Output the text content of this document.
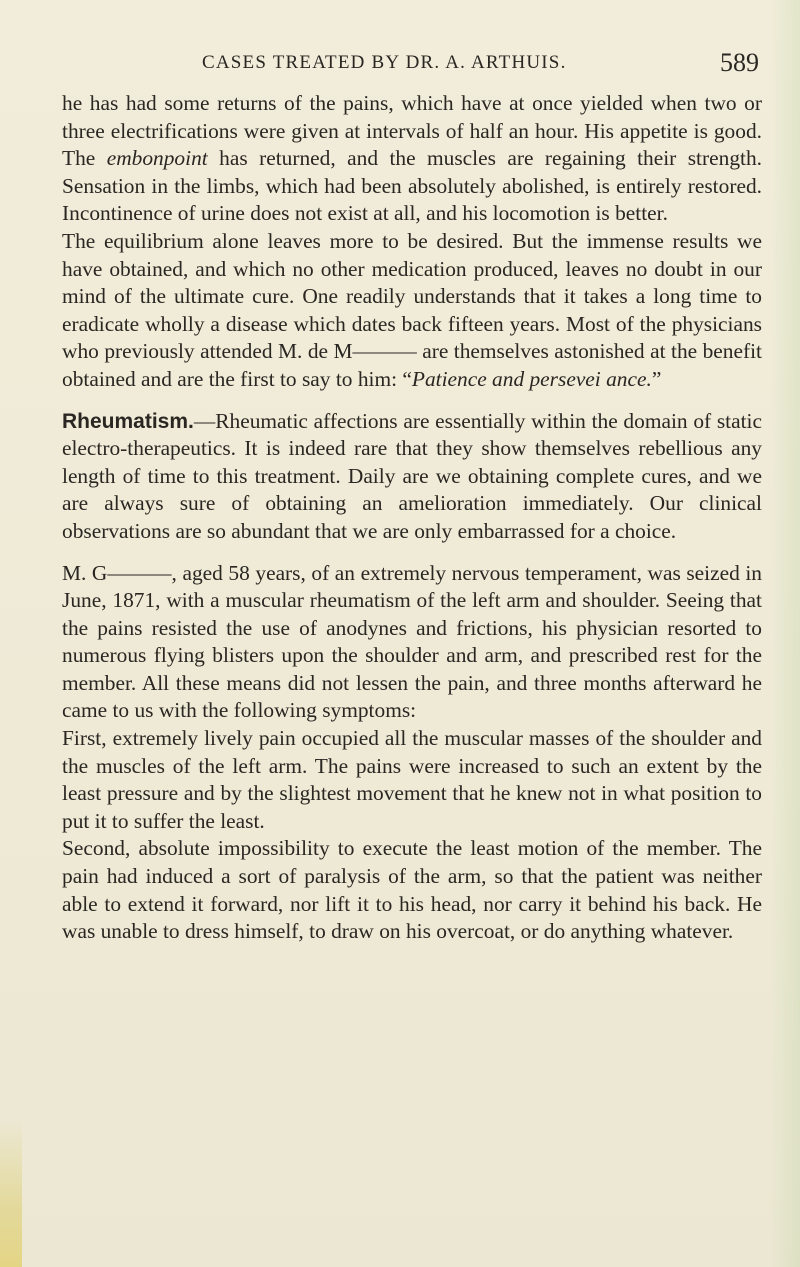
CASES TREATED BY DR. A. ARTHUIS.	589

he has had some returns of the pains, which have at once yielded when two or three electrifications were given at intervals of half an hour. His appetite is good. The embonpoint has returned, and the muscles are regaining their strength. Sensation in the limbs, which had been absolutely abolished, is entirely restored. Incontinence of urine does not exist at all, and his locomotion is better.

The equilibrium alone leaves more to be desired. But the immense results we have obtained, and which no other medication produced, leaves no doubt in our mind of the ultimate cure. One readily understands that it takes a long time to eradicate wholly a disease which dates back fifteen years. Most of the physicians who previously attended M. de M——— are themselves astonished at the benefit obtained and are the first to say to him: “Patience and persevei ance.”

Rheumatism.—Rheumatic affections are essentially within the domain of static electro-therapeutics. It is indeed rare that they show themselves rebellious any length of time to this treatment. Daily are we obtaining complete cures, and we are always sure of obtaining an amelioration immediately. Our clinical observations are so abundant that we are only embarrassed for a choice.

M. G———, aged 58 years, of an extremely nervous temperament, was seized in June, 1871, with a muscular rheumatism of the left arm and shoulder. Seeing that the pains resisted the use of anodynes and frictions, his physician resorted to numerous flying blisters upon the shoulder and arm, and prescribed rest for the member. All these means did not lessen the pain, and three months afterward he came to us with the following symptoms:

First, extremely lively pain occupied all the muscular masses of the shoulder and the muscles of the left arm. The pains were increased to such an extent by the least pressure and by the slightest movement that he knew not in what position to put it to suffer the least.

Second, absolute impossibility to execute the least motion of the member. The pain had induced a sort of paralysis of the arm, so that the patient was neither able to extend it forward, nor lift it to his head, nor carry it behind his back. He was unable to dress himself, to draw on his overcoat, or do anything whatever.
